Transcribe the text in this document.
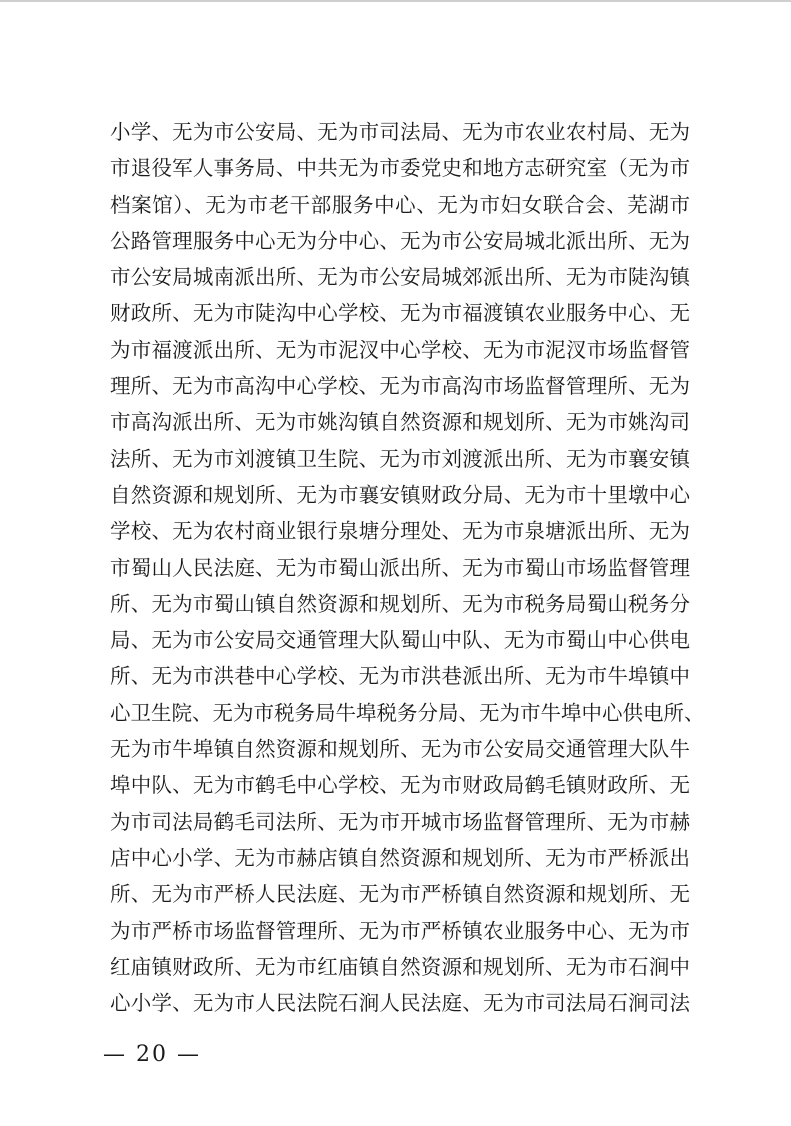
小学、无为市公安局、无为市司法局、无为市农业农村局、无为
市退役军人事务局、中共无为市委党史和地方志研究室（无为市
档案馆）、无为市老干部服务中心、无为市妇女联合会、芜湖市
公路管理服务中心无为分中心、无为市公安局城北派出所、无为
市公安局城南派出所、无为市公安局城郊派出所、无为市陡沟镇
财政所、无为市陡沟中心学校、无为市福渡镇农业服务中心、无
为市福渡派出所、无为市泥汊中心学校、无为市泥汊市场监督管
理所、无为市高沟中心学校、无为市高沟市场监督管理所、无为
市高沟派出所、无为市姚沟镇自然资源和规划所、无为市姚沟司
法所、无为市刘渡镇卫生院、无为市刘渡派出所、无为市襄安镇
自然资源和规划所、无为市襄安镇财政分局、无为市十里墩中心
学校、无为农村商业银行泉塘分理处、无为市泉塘派出所、无为
市蜀山人民法庭、无为市蜀山派出所、无为市蜀山市场监督管理
所、无为市蜀山镇自然资源和规划所、无为市税务局蜀山税务分
局、无为市公安局交通管理大队蜀山中队、无为市蜀山中心供电
所、无为市洪巷中心学校、无为市洪巷派出所、无为市牛埠镇中
心卫生院、无为市税务局牛埠税务分局、无为市牛埠中心供电所、
无为市牛埠镇自然资源和规划所、无为市公安局交通管理大队牛
埠中队、无为市鹤毛中心学校、无为市财政局鹤毛镇财政所、无
为市司法局鹤毛司法所、无为市开城市场监督管理所、无为市赫
店中心小学、无为市赫店镇自然资源和规划所、无为市严桥派出
所、无为市严桥人民法庭、无为市严桥镇自然资源和规划所、无
为市严桥市场监督管理所、无为市严桥镇农业服务中心、无为市
红庙镇财政所、无为市红庙镇自然资源和规划所、无为市石涧中
心小学、无为市人民法院石涧人民法庭、无为市司法局石涧司法
— 20 —
